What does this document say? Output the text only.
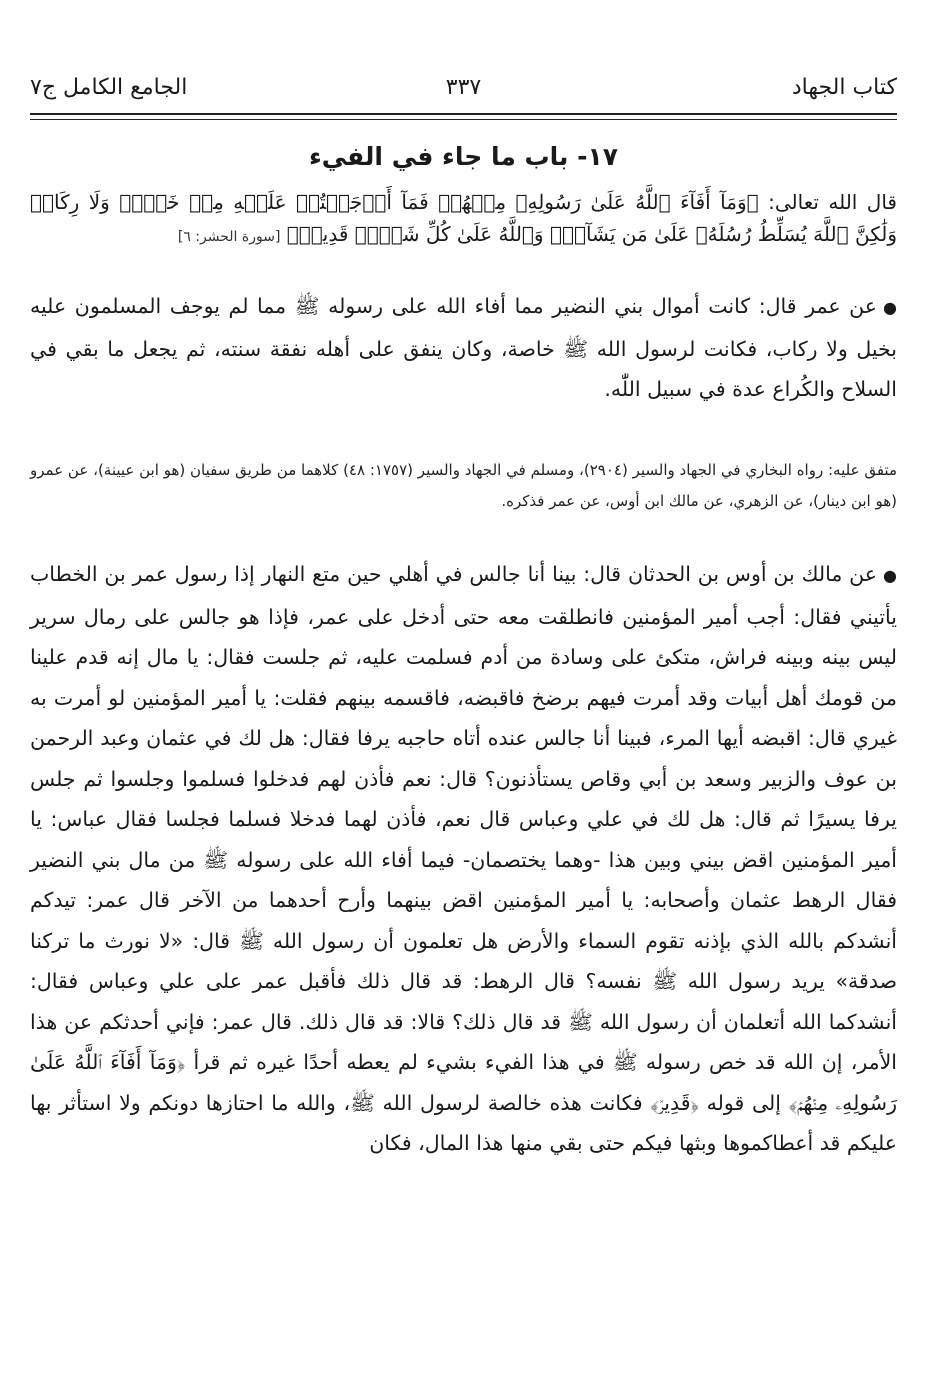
كتاب الجهاد
٣٣٧
الجامع الكامل ج٧
١٧- باب ما جاء في الفيء
قال الله تعالى: ﴿وَمَآ أَفَآءَ ٱللَّهُ عَلَىٰ رَسُولِهِۦ مِنۡهُمۡ فَمَآ أَوۡجَفۡتُمۡ عَلَيۡهِ مِنۡ خَيۡلٖ وَلَا رِكَابٖ وَلَٰكِنَّ ٱللَّهَ يُسَلِّطُ رُسُلَهُۥ عَلَىٰ مَن يَشَآءُۚ وَٱللَّهُ عَلَىٰ كُلِّ شَيۡءٖ قَدِيرٞ﴾ [سورة الحشر: ٦]
●عن عمر قال: كانت أموال بني النضير مما أفاء الله على رسوله ﷺ مما لم يوجف المسلمون عليه بخيل ولا ركاب، فكانت لرسول الله ﷺ خاصة، وكان ينفق على أهله نفقة سنته، ثم يجعل ما بقي في السلاح والكُراع عدة في سبيل اللّٰه.
متفق عليه: رواه البخاري في الجهاد والسير (٢٩٠٤)، ومسلم في الجهاد والسير (١٧٥٧: ٤٨) كلاهما من طريق سفيان (هو ابن عيينة)، عن عمرو (هو ابن دينار)، عن الزهري، عن مالك ابن أوس، عن عمر فذكره.
●عن مالك بن أوس بن الحدثان قال: بينا أنا جالس في أهلي حين متع النهار إذا رسول عمر بن الخطاب يأتيني فقال: أجب أمير المؤمنين فانطلقت معه حتى أدخل على عمر، فإذا هو جالس على رمال سرير ليس بينه وبينه فراش، متكئ على وسادة من أدم فسلمت عليه، ثم جلست فقال: يا مال إنه قدم علينا من قومك أهل أبيات وقد أمرت فيهم برضخ فاقبضه، فاقسمه بينهم فقلت: يا أمير المؤمنين لو أمرت به غيري قال: اقبضه أيها المرء، فبينا أنا جالس عنده أتاه حاجبه يرفا فقال: هل لك في عثمان وعبد الرحمن بن عوف والزبير وسعد بن أبي وقاص يستأذنون؟ قال: نعم فأذن لهم فدخلوا فسلموا وجلسوا ثم جلس يرفا يسيرًا ثم قال: هل لك في علي وعباس قال نعم، فأذن لهما فدخلا فسلما فجلسا فقال عباس: يا أمير المؤمنين اقض بيني وبين هذا -وهما يختصمان- فيما أفاء الله على رسوله ﷺ من مال بني النضير فقال الرهط عثمان وأصحابه: يا أمير المؤمنين اقض بينهما وأرح أحدهما من الآخر قال عمر: تيدكم أنشدكم بالله الذي بإذنه تقوم السماء والأرض هل تعلمون أن رسول الله ﷺ قال: «لا نورث ما تركنا صدقة» يريد رسول الله ﷺ نفسه؟ قال الرهط: قد قال ذلك فأقبل عمر على علي وعباس فقال: أنشدكما الله أتعلمان أن رسول الله ﷺ قد قال ذلك؟ قالا: قد قال ذلك. قال عمر: فإني أحدثكم عن هذا الأمر، إن الله قد خص رسوله ﷺ في هذا الفيء بشيء لم يعطه أحدًا غيره ثم قرأ ﴿وَمَآ أَفَآءَ ٱللَّهُ عَلَىٰ رَسُولِهِۦ مِنۡهُمۡ﴾ إلى قوله ﴿قَدِيرٞ﴾ فكانت هذه خالصة لرسول الله ﷺ، والله ما احتازها دونكم ولا استأثر بها عليكم قد أعطاكموها وبثها فيكم حتى بقي منها هذا المال، فكان
